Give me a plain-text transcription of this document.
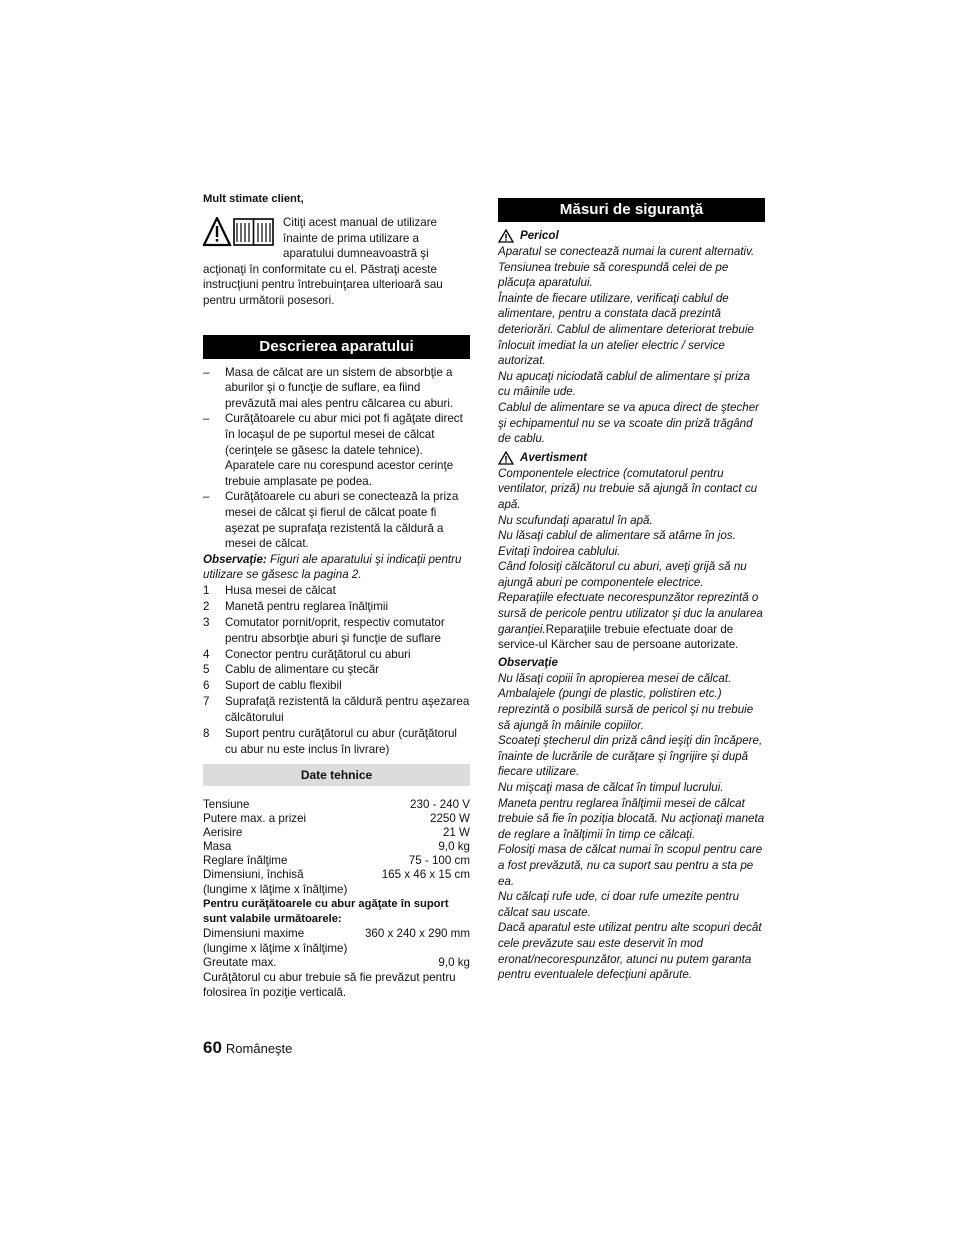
Mult stimate client,

Citiţi acest manual de utilizare înainte de prima utilizare a aparatului dumneavoastră şi acţionaţi în conformitate cu el. Păstraţi aceste instrucţiuni pentru întrebuinţarea ulterioară sau pentru următorii posesori.

Descrierea aparatului
–	Masa de călcat are un sistem de absorbţie a aburilor şi o funcţie de suflare, ea fiind prevăzută mai ales pentru călcarea cu aburi.
–	Curăţătoarele cu abur mici pot fi agăţate direct în locaşul de pe suportul mesei de călcat (cerinţele se găsesc la datele tehnice). Aparatele care nu corespund acestor cerinţe trebuie amplasate pe podea.
–	Curăţătoarele cu aburi se conectează la priza mesei de călcat şi fierul de călcat poate fi aşezat pe suprafaţa rezistentă la căldură a mesei de călcat.

Observaţie: Figuri ale aparatului şi indicaţii pentru utilizare se găsesc la pagina 2.

1	Husa mesei de călcat
2	Manetă pentru reglarea înălţimii
3	Comutator pornit/oprit, respectiv comutator pentru absorbţie aburi şi funcţie de suflare
4	Conector pentru curăţătorul cu aburi
5	Cablu de alimentare cu ştecăr
6	Suport de cablu flexibil
7	Suprafaţă rezistentă la căldură pentru aşezarea călcătorului
8	Suport pentru curăţătorul cu abur (curăţătorul cu abur nu este inclus în livrare)
Date tehnice
Tensiune	230 - 240 V
Putere max. a prizei	2250 W
Aerisire	21 W
Masa	9,0 kg
Reglare înălţime	75 - 100 cm
Dimensiuni, închisă	165 x 46 x 15 cm

(lungime x lăţime x înălţime)

Pentru curăţătoarele cu abur agăţate în suport sunt valabile următoarele:

Dimensiuni maxime	360 x 240 x 290 mm

(lungime x lăţime x înălţime)

Greutate max.	9,0 kg

Curăţătorul cu abur trebuie să fie prevăzut pentru folosirea în poziţie verticală.

Măsuri de siguranţă
Pericol

Aparatul se conectează numai la curent alternativ. Tensiunea trebuie să corespundă celei de pe plăcuţa aparatului.

Înainte de fiecare utilizare, verificaţi cablul de alimentare, pentru a constata dacă prezintă deteriorări. Cablul de alimentare deteriorat trebuie înlocuit imediat la un atelier electric / service autorizat.

Nu apucaţi niciodată cablul de alimentare şi priza cu mâinile ude.

Cablul de alimentare se va apuca direct de ştecher şi echipamentul nu se va scoate din priză trăgând de cablu.

Avertisment

Componentele electrice (comutatorul pentru ventilator, priză) nu trebuie să ajungă în contact cu apă.

Nu scufundaţi aparatul în apă.

Nu lăsaţi cablul de alimentare să atârne în jos. Evitaţi îndoirea cablului.

Când folosiţi călcătorul cu aburi, aveţi grijă să nu ajungă aburi pe componentele electrice.

Reparaţiile efectuate necorespunzător reprezintă o sursă de pericole pentru utilizator şi duc la anularea garanţiei.Reparaţiile trebuie efectuate doar de service-ul Kärcher sau de persoane autorizate.

Observaţie

Nu lăsaţi copiii în apropierea mesei de călcat.

Ambalajele (pungi de plastic, polistiren etc.) reprezintă o posibilă sursă de pericol şi nu trebuie să ajungă în mâinile copiilor.

Scoateţi ştecherul din priză când ieşiţi din încăpere, înainte de lucrările de curăţare şi îngrijire şi după fiecare utilizare.

Nu mişcaţi masa de călcat în timpul lucrului.

Maneta pentru reglarea înălţimii mesei de călcat trebuie să fie în poziţia blocată. Nu acţionaţi maneta de reglare a înălţimii în timp ce călcaţi.

Folosiţi masa de călcat numai în scopul pentru care a fost prevăzută, nu ca suport sau pentru a sta pe ea.

Nu călcaţi rufe ude, ci doar rufe umezite pentru călcat sau uscate.

Dacă aparatul este utilizat pentru alte scopuri decât cele prevăzute sau este deservit în mod eronat/necorespunzător, atunci nu putem garanta pentru eventualele defecţiuni apărute.

60 Româneşte
